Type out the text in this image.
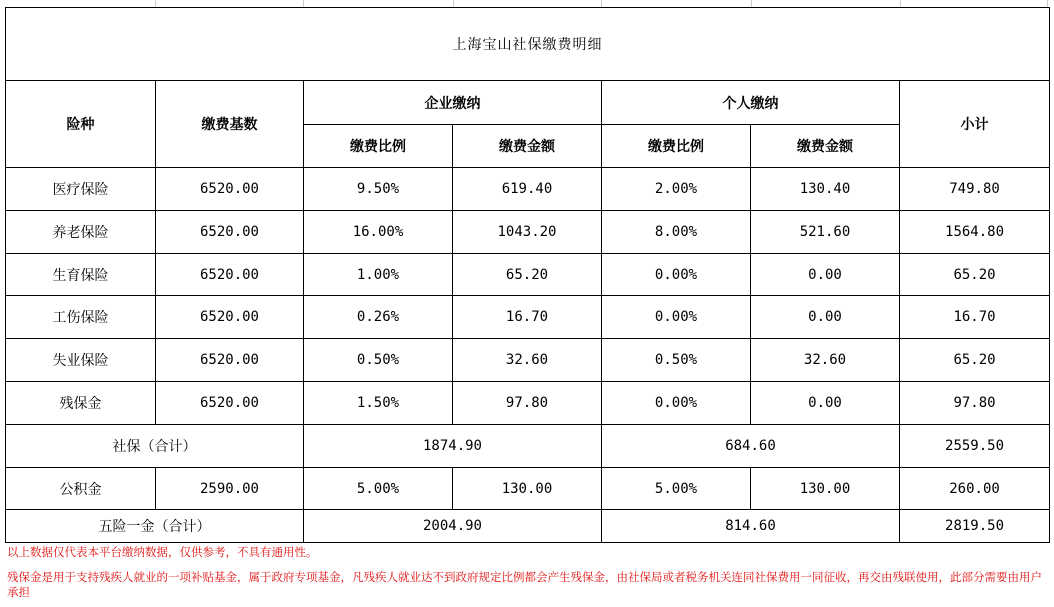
上海宝山社保缴费明细						
险种	缴费基数	企业缴纳		个人缴纳		小计
		缴费比例	缴费金额	缴费比例	缴费金额	
医疗保险	6520.00	9.50%	619.40	2.00%	130.40	749.80
养老保险	6520.00	16.00%	1043.20	8.00%	521.60	1564.80
生育保险	6520.00	1.00%	65.20	0.00%	0.00	65.20
工伤保险	6520.00	0.26%	16.70	0.00%	0.00	16.70
失业保险	6520.00	0.50%	32.60	0.50%	32.60	65.20
残保金	6520.00	1.50%	97.80	0.00%	0.00	97.80
社保（合计）		1874.90		684.60		2559.50
公积金	2590.00	5.00%	130.00	5.00%	130.00	260.00
五险一金（合计）		2004.90		814.60		2819.50

以上数据仅代表本平台缴纳数据，仅供参考，不具有通用性。

残保金是用于支持残疾人就业的一项补贴基金，属于政府专项基金，凡残疾人就业达不到政府规定比例都会产生残保金，由社保局或者税务机关连同社保费用一同征收，再交由残联使用，此部分需要由用户承担
